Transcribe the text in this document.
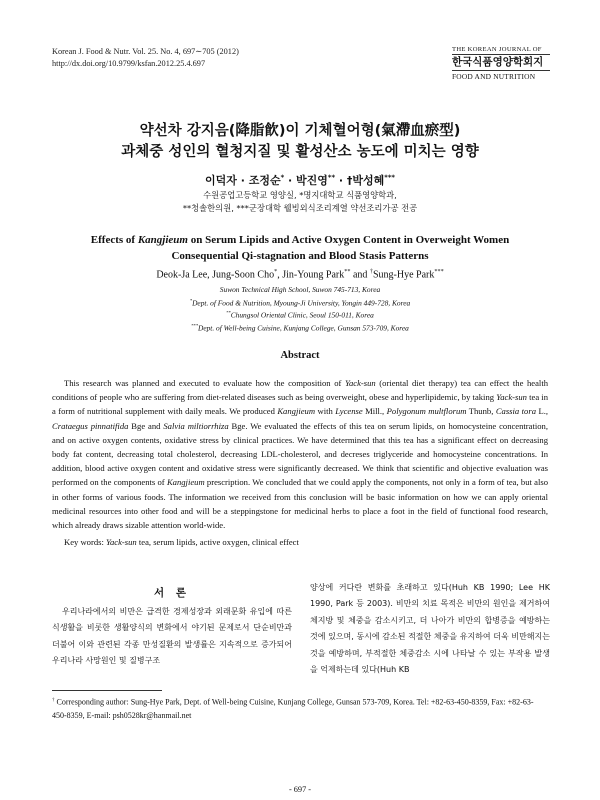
Korean J. Food & Nutr. Vol. 25. No. 4, 697∼705 (2012)
http://dx.doi.org/10.9799/ksfan.2012.25.4.697
THE KOREAN JOURNAL OF
한국식품영양학회지
FOOD AND NUTRITION
약선차 강지음(降脂飮)이 기체혈어형(氣滯血瘀型)
과체중 성인의 혈청지질 및 활성산소 농도에 미치는 영향
이덕자 · 조정순* · 박진영** · †박성혜***
수원공업고등학교 영양실, *명지대학교 식품영양학과,
**청솔한의원, ***군장대학 웰빙외식조리계열 약선조리가공 전공
Effects of Kangjieum on Serum Lipids and Active Oxygen Content in Overweight Women
Consequential Qi-stagnation and Blood Stasis Patterns
Deok-Ja Lee, Jung-Soon Cho*, Jin-Young Park** and †Sung-Hye Park***
Suwon Technical High School, Suwon 745-713, Korea
*Dept. of Food & Nutrition, Myoung-Ji University, Yongin 449-728, Korea
**Chungsol Oriental Clinic, Seoul 150-011, Korea
***Dept. of Well-being Cuisine, Kunjang College, Gunsan 573-709, Korea
Abstract
This research was planned and executed to evaluate how the composition of Yack-sun (oriental diet therapy) tea can effect the health conditions of people who are suffering from diet-related diseases such as being overweight, obese and hyperlipidemic, by taking Yack-sun tea in a form of nutritional supplement with daily meals. We produced Kangjieum with Lycense Mill., Polygonum multflorum Thunb, Cassia tora L., Crataegus pinnatifida Bge and Salvia miltiorrhiza Bge. We evaluated the effects of this tea on serum lipids, on homocysteine concentration, and on active oxygen contents, oxidative stress by clinical practices. We have determined that this tea has a significant effect on decreasing body fat content, decreasing total cholesterol, decreasing LDL-cholesterol, and decreses triglyceride and homocysteine concentrations. In addition, blood active oxygen content and oxidative stress were significantly decreased. We think that scientific and objective evaluation was performed on the components of Kangjieum prescription. We concluded that we could apply the components, not only in a form of tea, but also in other forms of various foods. The information we received from this conclusion will be basic information on how we can apply oriental medicinal resources into other food and will be a steppingstone for medicinal herbs to place a foot in the field of functional food research, which already draws sizable attention world-wide.
Key words: Yack-sun tea, serum lipids, active oxygen, clinical effect
서 론
우리나라에서의 비만은 급격한 경제성장과 외래문화 유입에 따른 식생활을 비롯한 생활양식의 변화에서 야기된 문제로서 단순비만과 더불어 이와 관련된 각종 만성질환의 발생률은 지속적으로 증가되어 우리나라 사망원인 및 질병구조
양상에 커다란 변화를 초래하고 있다(Huh KB 1990; Lee HK 1990, Park 등 2003). 비만의 치료 목적은 비만의 원인을 제거하여 체지방 및 체중을 감소시키고, 더 나아가 비만의 합병증을 예방하는 것에 있으며, 동시에 감소된 적절한 체중을 유지하여 더욱 비만해지는 것을 예방하며, 부적절한 체중감소 시에 나타날 수 있는 부작용 발생을 억제하는데 있다(Huh KB
† Corresponding author: Sung-Hye Park, Dept. of Well-being Cuisine, Kunjang College, Gunsan 573-709, Korea. Tel: +82-63-450-8359, Fax: +82-63-450-8359, E-mail: psh0528kr@hanmail.net
- 697 -
